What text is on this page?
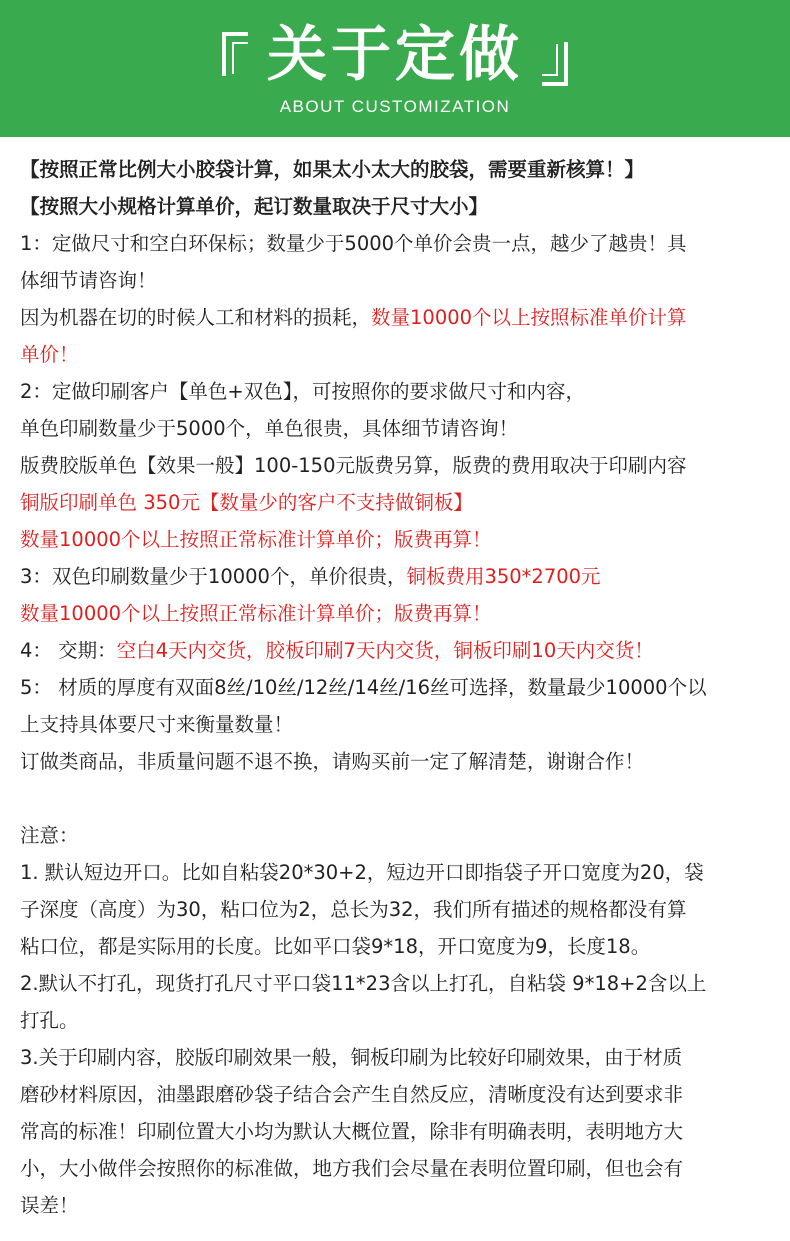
关于定做
ABOUT CUSTOMIZATION
【按照正常比例大小胶袋计算，如果太小太大的胶袋，需要重新核算！】
【按照大小规格计算单价，起订数量取决于尺寸大小】
1：定做尺寸和空白环保标；数量少于5000个单价会贵一点，越少了越贵！具
体细节请咨询！
因为机器在切的时候人工和材料的损耗，数量10000个以上按照标准单价计算
单价！
2：定做印刷客户【单色+双色】，可按照你的要求做尺寸和内容，
单色印刷数量少于5000个，单色很贵，具体细节请咨询！
版费胶版单色【效果一般】100-150元版费另算，版费的费用取决于印刷内容
铜版印刷单色 350元【数量少的客户不支持做铜板】
数量10000个以上按照正常标准计算单价；版费再算！
3：双色印刷数量少于10000个，单价很贵，铜板费用350*2700元
数量10000个以上按照正常标准计算单价；版费再算！
4： 交期：空白4天内交货，胶板印刷7天内交货，铜板印刷10天内交货！
5： 材质的厚度有双面8丝/10丝/12丝/14丝/16丝可选择，数量最少10000个以
上支持具体要尺寸来衡量数量！
订做类商品，非质量问题不退不换，请购买前一定了解清楚，谢谢合作！
注意：
1. 默认短边开口。比如自粘袋20*30+2，短边开口即指袋子开口宽度为20，袋
子深度（高度）为30，粘口位为2，总长为32，我们所有描述的规格都没有算
粘口位，都是实际用的长度。比如平口袋9*18，开口宽度为9，长度18。
2.默认不打孔，现货打孔尺寸平口袋11*23含以上打孔，自粘袋 9*18+2含以上
打孔。
3.关于印刷内容，胶版印刷效果一般，铜板印刷为比较好印刷效果，由于材质
磨砂材料原因，油墨跟磨砂袋子结合会产生自然反应，清晰度没有达到要求非
常高的标准！印刷位置大小均为默认大概位置，除非有明确表明，表明地方大
小，大小做伴会按照你的标准做，地方我们会尽量在表明位置印刷，但也会有
误差！
